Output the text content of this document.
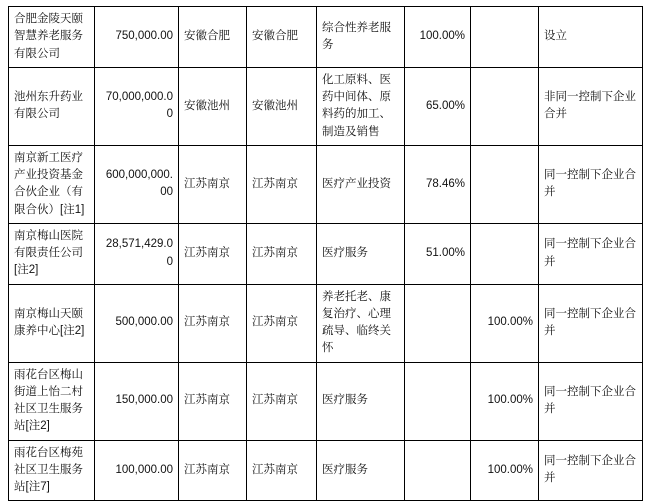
合肥金陵天颐智慧养老服务有限公司	750,000.00	安徽合肥	安徽合肥	综合性养老服务	100.00%		设立
池州东升药业有限公司	70,000,000.00	安徽池州	安徽池州	化工原料、医药中间体、原料药的加工、制造及销售	65.00%		非同一控制下企业合并
南京新工医疗产业投资基金合伙企业（有限合伙）[注1]	600,000,000.00	江苏南京	江苏南京	医疗产业投资	78.46%		同一控制下企业合并
南京梅山医院有限责任公司[注2]	28,571,429.00	江苏南京	江苏南京	医疗服务	51.00%		同一控制下企业合并
南京梅山天颐康养中心[注2]	500,000.00	江苏南京	江苏南京	养老托老、康复治疗、心理疏导、临终关怀		100.00%	同一控制下企业合并
雨花台区梅山街道上怡二村社区卫生服务站[注2]	150,000.00	江苏南京	江苏南京	医疗服务		100.00%	同一控制下企业合并
雨花台区梅苑社区卫生服务站[注7]	100,000.00	江苏南京	江苏南京	医疗服务		100.00%	同一控制下企业合并
